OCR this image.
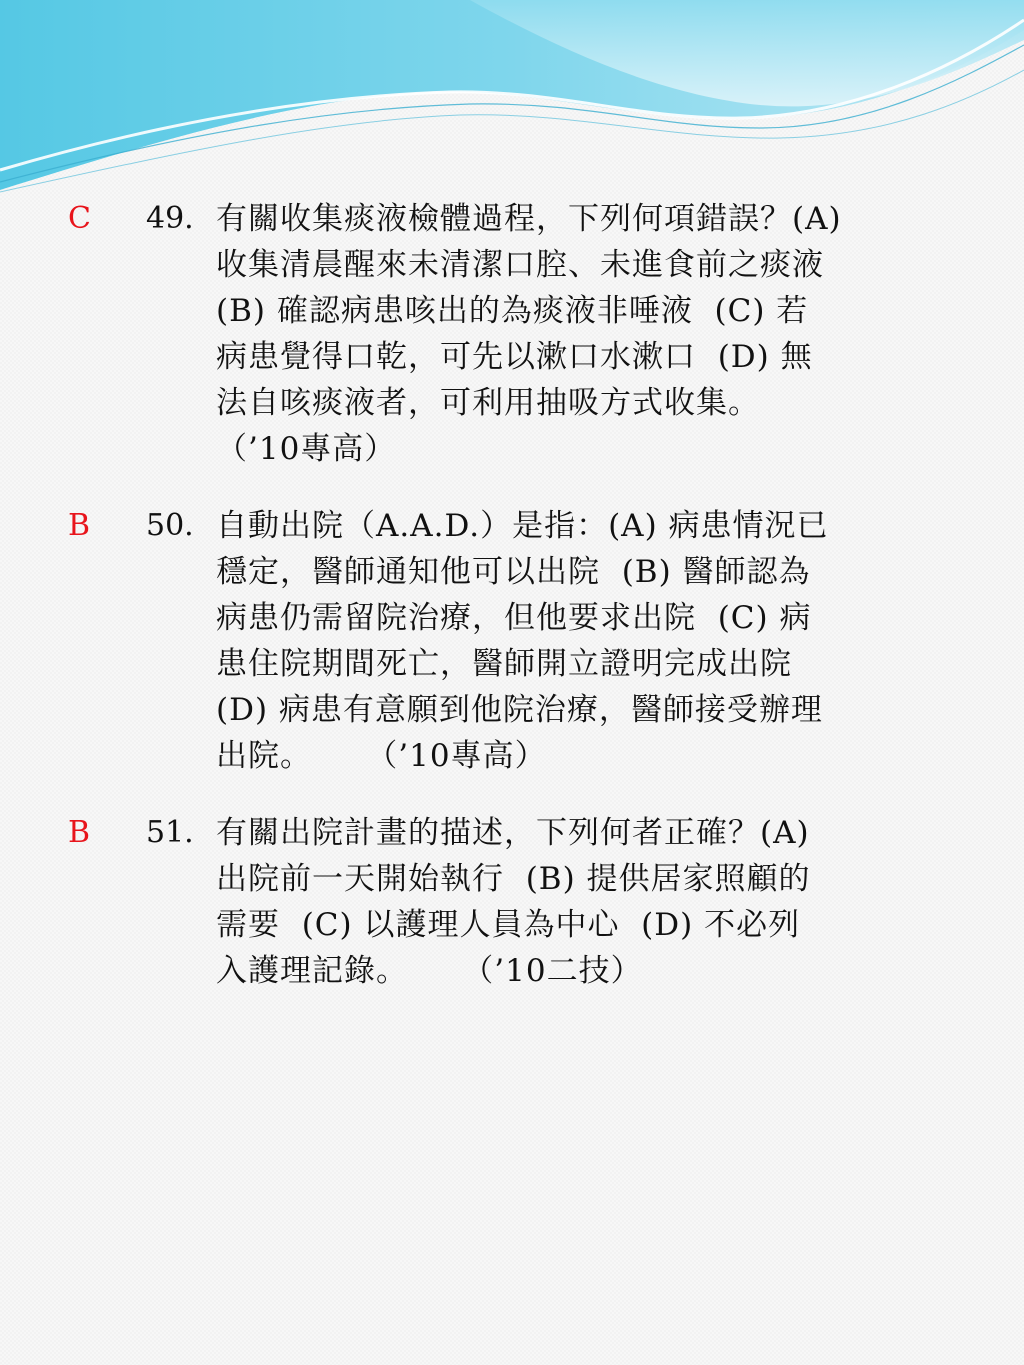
C 49. 有關收集痰液檢體過程，下列何項錯誤？(A)
收集清晨醒來未清潔口腔、未進食前之痰液
(B) 確認病患咳出的為痰液非唾液  (C) 若
病患覺得口乾，可先以漱口水漱口  (D) 無
法自咳痰液者，可利用抽吸方式收集。
（’10專高）
B 50. 自動出院（A.A.D.）是指：(A) 病患情況已
穩定，醫師通知他可以出院  (B) 醫師認為
病患仍需留院治療，但他要求出院  (C) 病
患住院期間死亡，醫師開立證明完成出院
(D) 病患有意願到他院治療，醫師接受辦理
出院。     （’10專高）
B 51. 有關出院計畫的描述，下列何者正確？(A)
出院前一天開始執行  (B) 提供居家照顧的
需要  (C) 以護理人員為中心  (D) 不必列
入護理記錄。     （’10二技）
